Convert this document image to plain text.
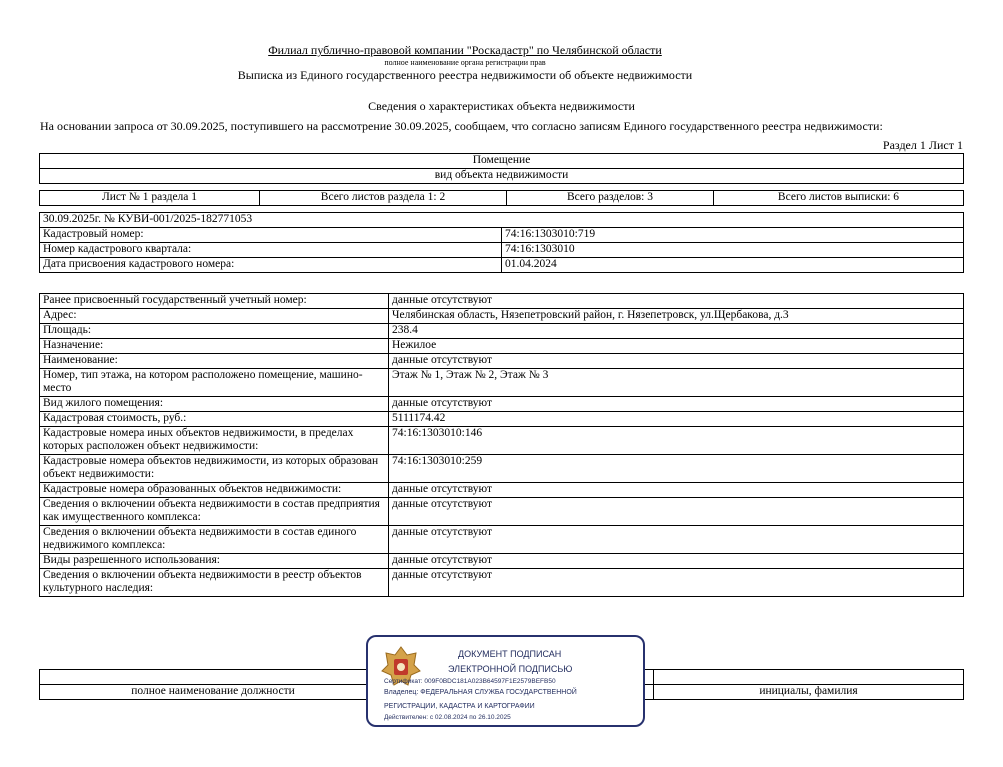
Филиал публично-правовой компании "Роскадастр" по Челябинской области
полное наименование органа регистрации прав
Выписка из Единого государственного реестра недвижимости об объекте недвижимости
Сведения о характеристиках объекта недвижимости
На основании запроса от 30.09.2025, поступившего на рассмотрение 30.09.2025, сообщаем, что согласно записям Единого государственного реестра недвижимости:
Раздел 1 Лист 1
Помещение
вид объекта недвижимости
Лист № 1 раздела 1	Всего листов раздела 1: 2	Всего разделов: 3	Всего листов выписки: 6
30.09.2025г. № КУВИ-001/2025-182771053	
Кадастровый номер:	74:16:1303010:719
Номер кадастрового квартала:	74:16:1303010
Дата присвоения кадастрового номера:	01.04.2024
Ранее присвоенный государственный учетный номер:	данные отсутствуют
Адрес:	Челябинская область, Нязепетровский район, г. Нязепетровск, ул.Щербакова, д.3
Площадь:	238.4
Назначение:	Нежилое
Наименование:	данные отсутствуют
Номер, тип этажа, на котором расположено помещение, машино-место	Этаж № 1, Этаж № 2, Этаж № 3
Вид жилого помещения:	данные отсутствуют
Кадастровая стоимость, руб.:	5111174.42
Кадастровые номера иных объектов недвижимости, в пределах которых расположен объект недвижимости:	74:16:1303010:146
Кадастровые номера объектов недвижимости, из которых образован объект недвижимости:	74:16:1303010:259
Кадастровые номера образованных объектов недвижимости:	данные отсутствуют
Сведения о включении объекта недвижимости в состав предприятия как имущественного комплекса:	данные отсутствуют
Сведения о включении объекта недвижимости в состав единого недвижимого комплекса:	данные отсутствуют
Виды разрешенного использования:	данные отсутствуют
Сведения о включении объекта недвижимости в реестр объектов культурного наследия:	данные отсутствуют

полное наименование должности		инициалы, фамилия
ДОКУМЕНТ ПОДПИСАН
ЭЛЕКТРОННОЙ ПОДПИСЬЮ
Сертификат: 009F0BDC181A023B64597F1E2579BEFB50
Владелец: ФЕДЕРАЛЬНАЯ СЛУЖБА ГОСУДАРСТВЕННОЙ
РЕГИСТРАЦИИ, КАДАСТРА И КАРТОГРАФИИ
Действителен: с 02.08.2024 по 26.10.2025
